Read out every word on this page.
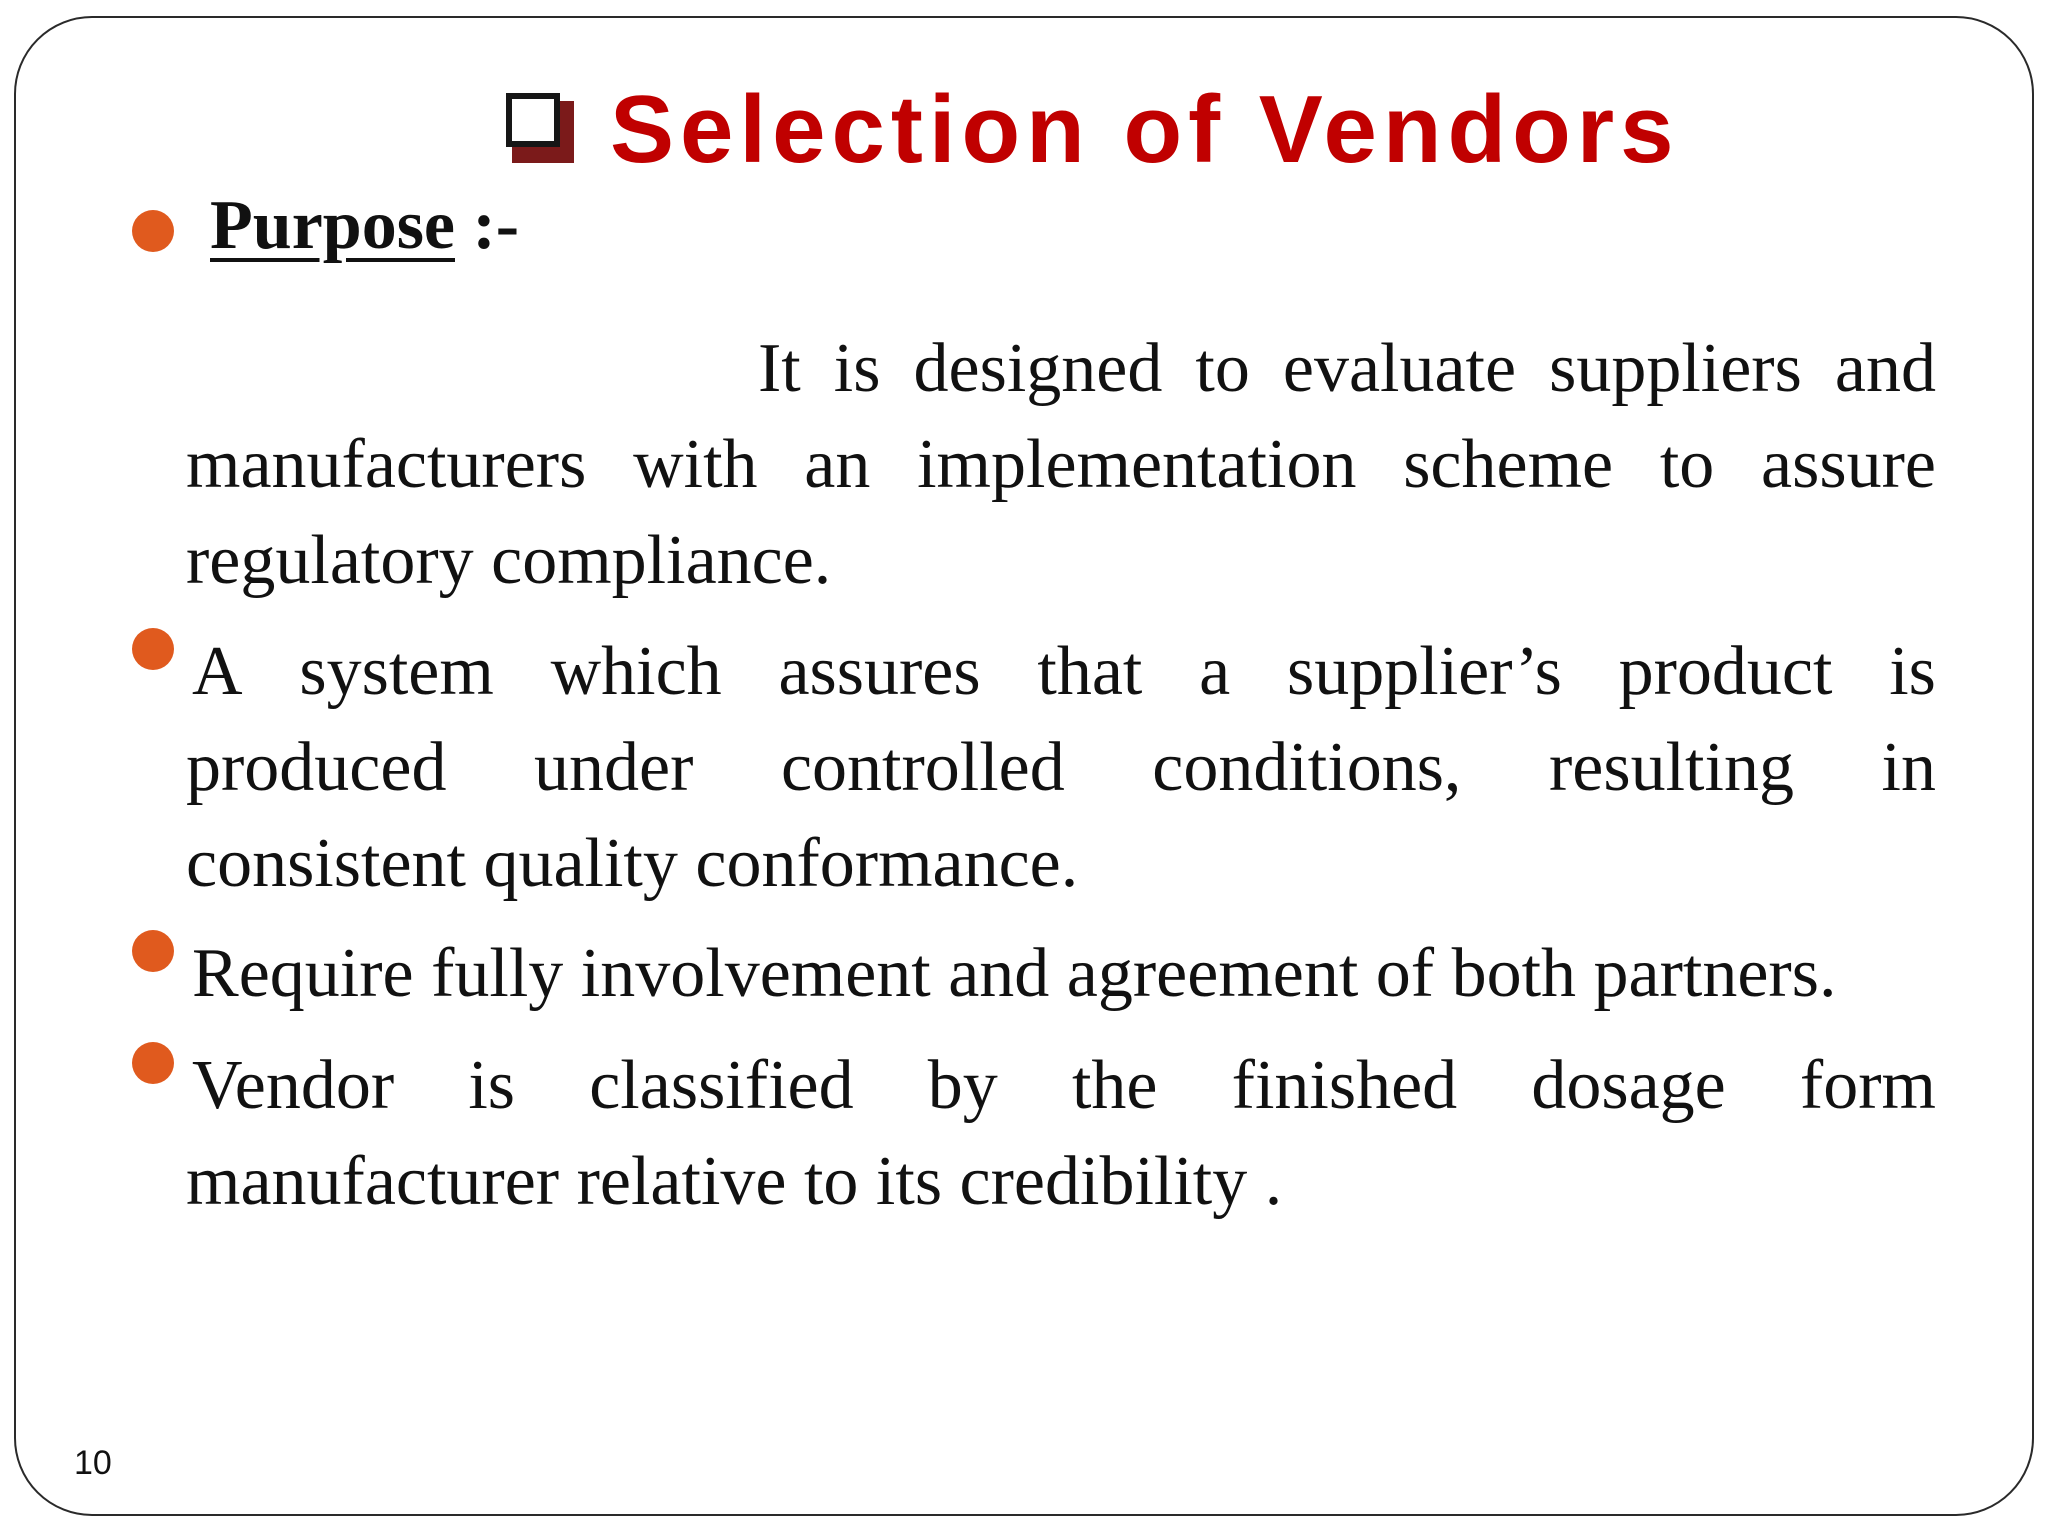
Selection of Vendors
Purpose :-
It is designed to evaluate suppliers and
manufacturers with an implementation scheme to assure
regulatory compliance.
A system which assures that a supplier’s product is
produced under controlled conditions, resulting in
consistent quality conformance.
Require fully involvement and agreement of both partners.
Vendor is classified by the finished dosage form
manufacturer relative to its credibility .
10
